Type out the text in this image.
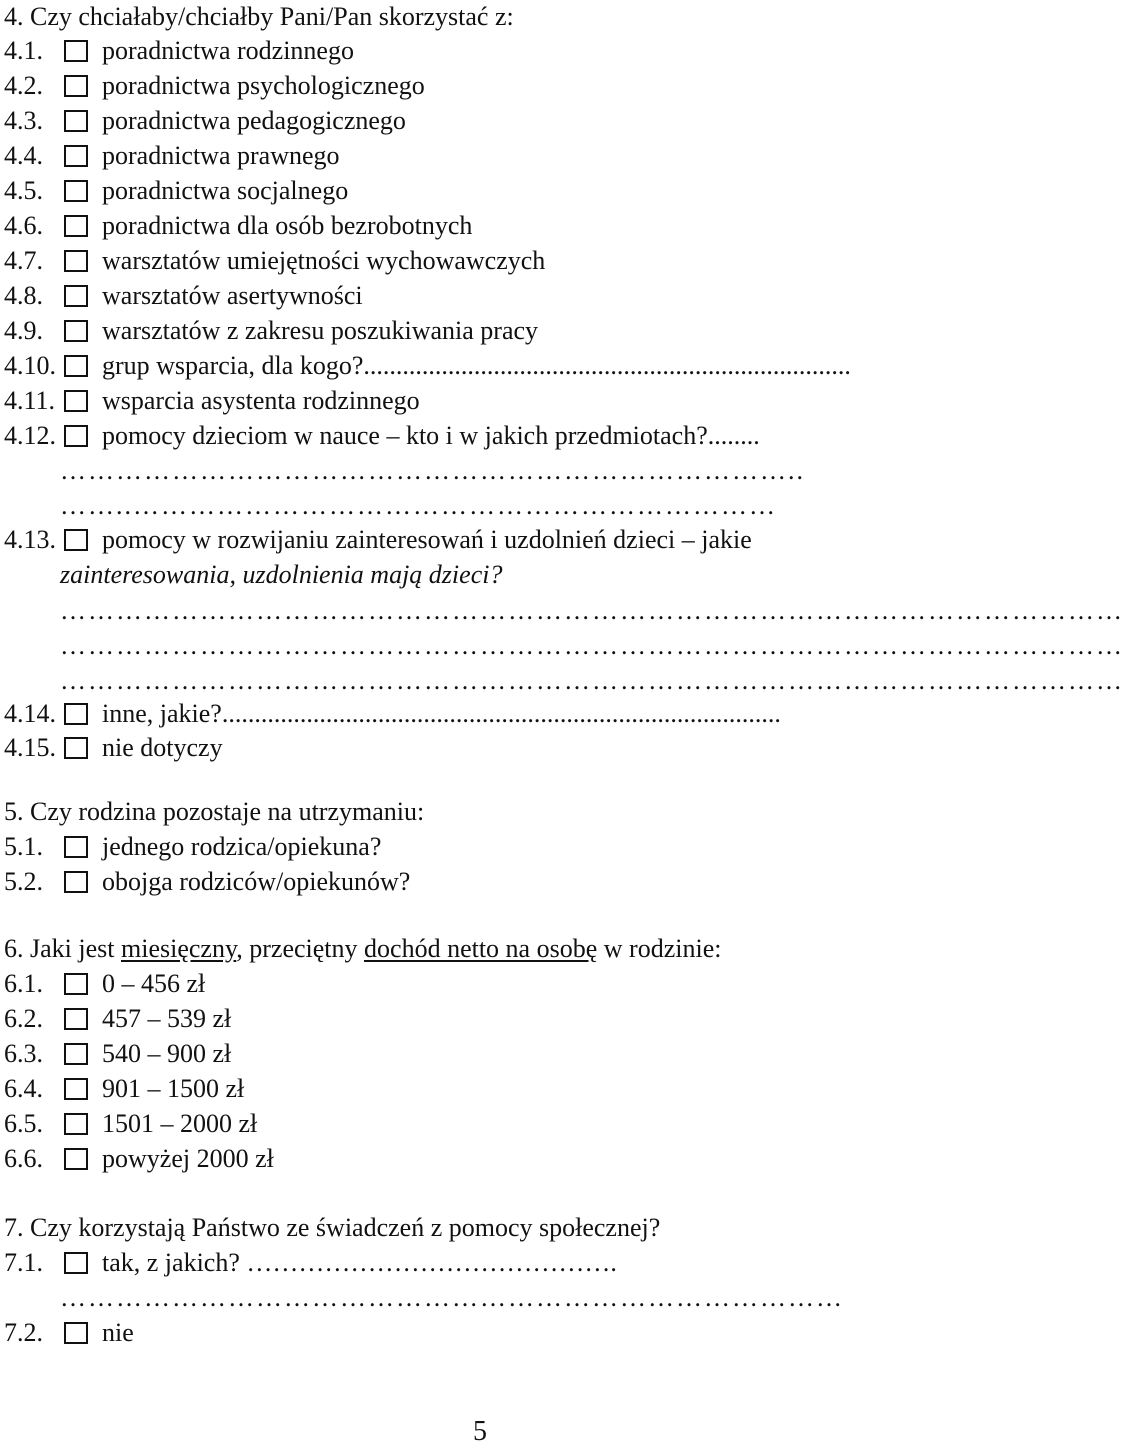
4. Czy chciałaby/chciałby Pani/Pan skorzystać z:
4.1. poradnictwa rodzinnego
4.2. poradnictwa psychologicznego
4.3. poradnictwa pedagogicznego
4.4. poradnictwa prawnego
4.5. poradnictwa socjalnego
4.6. poradnictwa dla osób bezrobotnych
4.7. warsztatów umiejętności wychowawczych
4.8. warsztatów asertywności
4.9. warsztatów z zakresu poszukiwania pracy
4.10. grup wsparcia, dla kogo?...........................................................................
4.11. wsparcia asystenta rodzinnego
4.12. pomocy dzieciom w nauce – kto i w jakich przedmiotach?........
……………………………………………………………………..
……..……………………………………………………………
4.13. pomocy w rozwijaniu zainteresowań i uzdolnień dzieci – jakie
zainteresowania, uzdolnienia mają dzieci?
……………………………………………………………………………………………………
……………………………………………………………………………………………………
……………………………………………………………………………………………………
4.14. inne, jakie?......................................................................................
4.15. nie dotyczy
5. Czy rodzina pozostaje na utrzymaniu:
5.1. jednego rodzica/opiekuna?
5.2. obojga rodziców/opiekunów?
6. Jaki jest miesięczny, przeciętny dochód netto na osobę w rodzinie:
6.1. 0 – 456 zł
6.2. 457 – 539 zł
6.3. 540 – 900 zł
6.4. 901 – 1500 zł
6.5. 1501 – 2000 zł
6.6. powyżej 2000 zł
7. Czy korzystają Państwo ze świadczeń z pomocy społecznej?
7.1. tak, z jakich? …………………………………….
…………………………………………………………………………
7.2. nie
5
